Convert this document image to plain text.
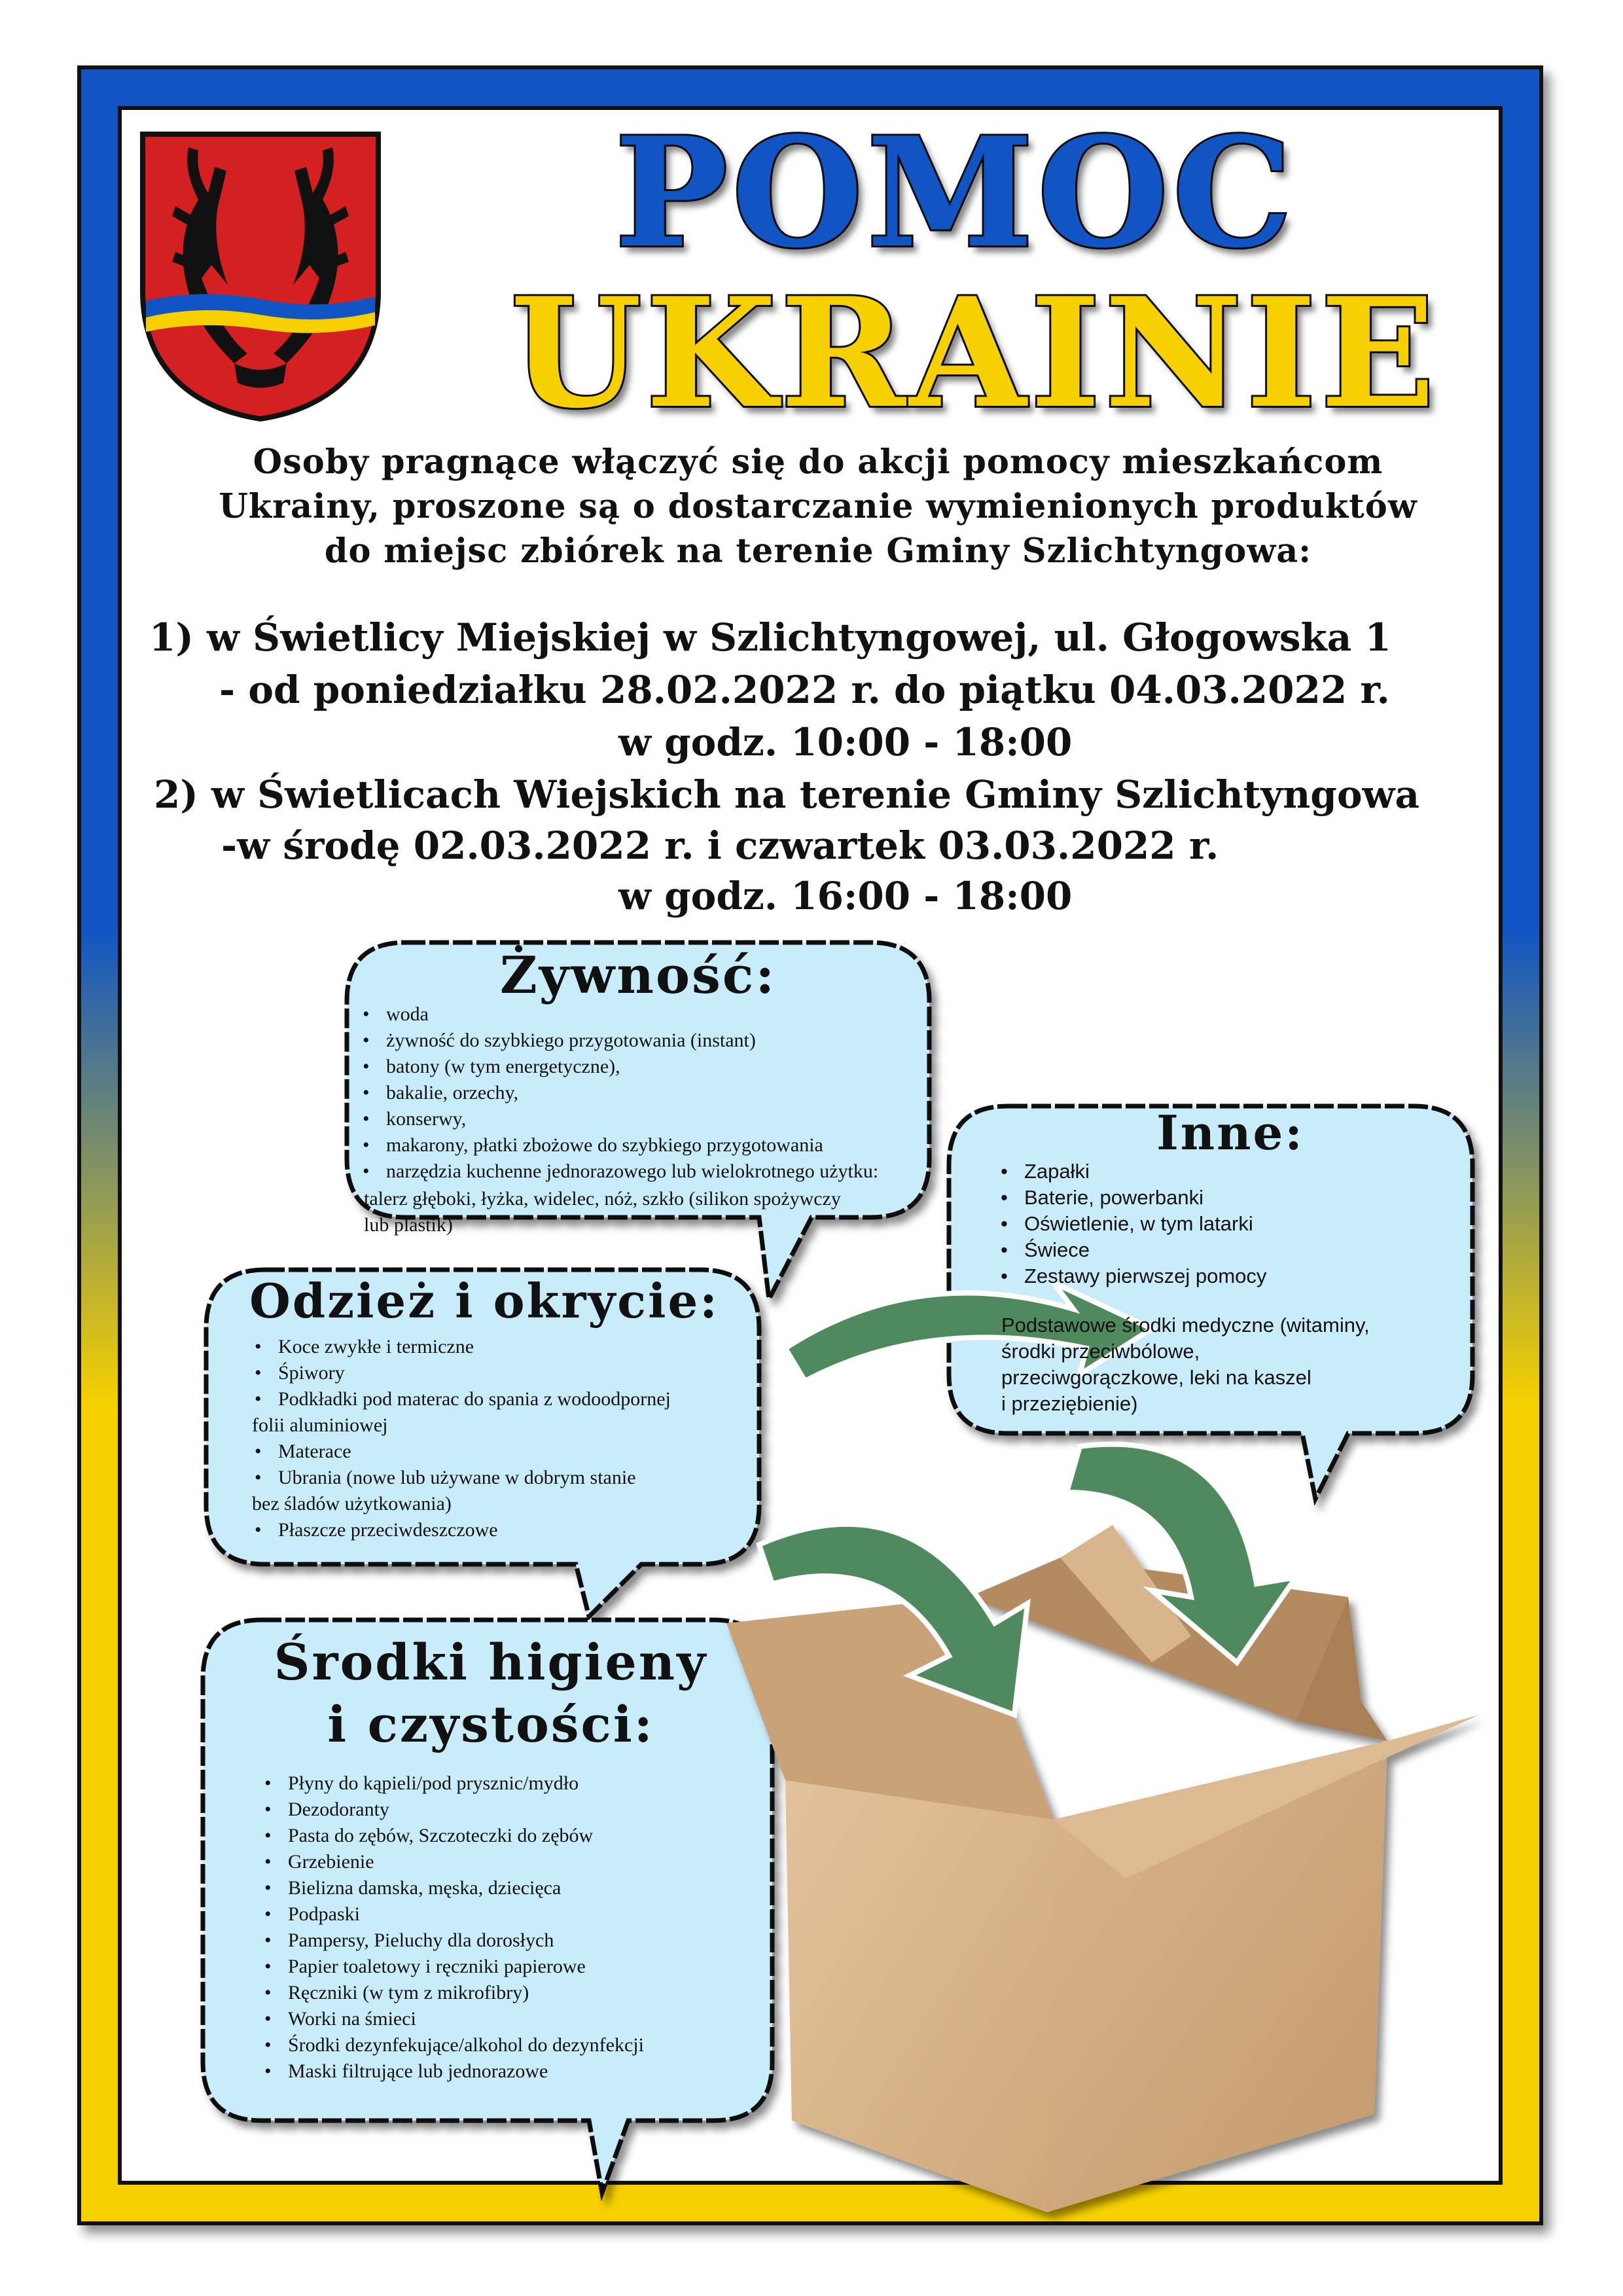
POMOC
UKRAINIE
Osoby pragnące włączyć się do akcji pomocy mieszkańcom
Ukrainy, proszone są o dostarczanie wymienionych produktów
do miejsc zbiórek na terenie Gminy Szlichtyngowa:
1) w Świetlicy Miejskiej w Szlichtyngowej, ul. Głogowska 1
- od poniedziałku 28.02.2022 r. do piątku 04.03.2022 r.
w godz. 10:00 - 18:00
2) w Świetlicach Wiejskich na terenie Gminy Szlichtyngowa
-w środę 02.03.2022 r. i czwartek 03.03.2022 r.
w godz. 16:00 - 18:00
Żywność:
• woda
• żywność do szybkiego przygotowania (instant)
• batony (w tym energetyczne),
• bakalie, orzechy,
• konserwy,
• makarony, płatki zbożowe do szybkiego przygotowania
• narzędzia kuchenne jednorazowego lub wielokrotnego użytku:
talerz głęboki, łyżka, widelec, nóż, szkło (silikon spożywczy
lub plastik)
Inne:
• Zapałki
• Baterie, powerbanki
• Oświetlenie, w tym latarki
• Świece
• Zestawy pierwszej pomocy
Podstawowe środki medyczne (witaminy,
środki przeciwbólowe,
przeciwgorączkowe, leki na kaszel
i przeziębienie)
Odzież i okrycie:
• Koce zwykłe i termiczne
• Śpiwory
• Podkładki pod materac do spania z wodoodpornej
folii aluminiowej
• Materace
• Ubrania (nowe lub używane w dobrym stanie
bez śladów użytkowania)
• Płaszcze przeciwdeszczowe
Środki higieny
i czystości:
• Płyny do kąpieli/pod prysznic/mydło
• Dezodoranty
• Pasta do zębów, Szczoteczki do zębów
• Grzebienie
• Bielizna damska, męska, dziecięca
• Podpaski
• Pampersy, Pieluchy dla dorosłych
• Papier toaletowy i ręczniki papierowe
• Ręczniki (w tym z mikrofibry)
• Worki na śmieci
• Środki dezynfekujące/alkohol do dezynfekcji
• Maski filtrujące lub jednorazowe
